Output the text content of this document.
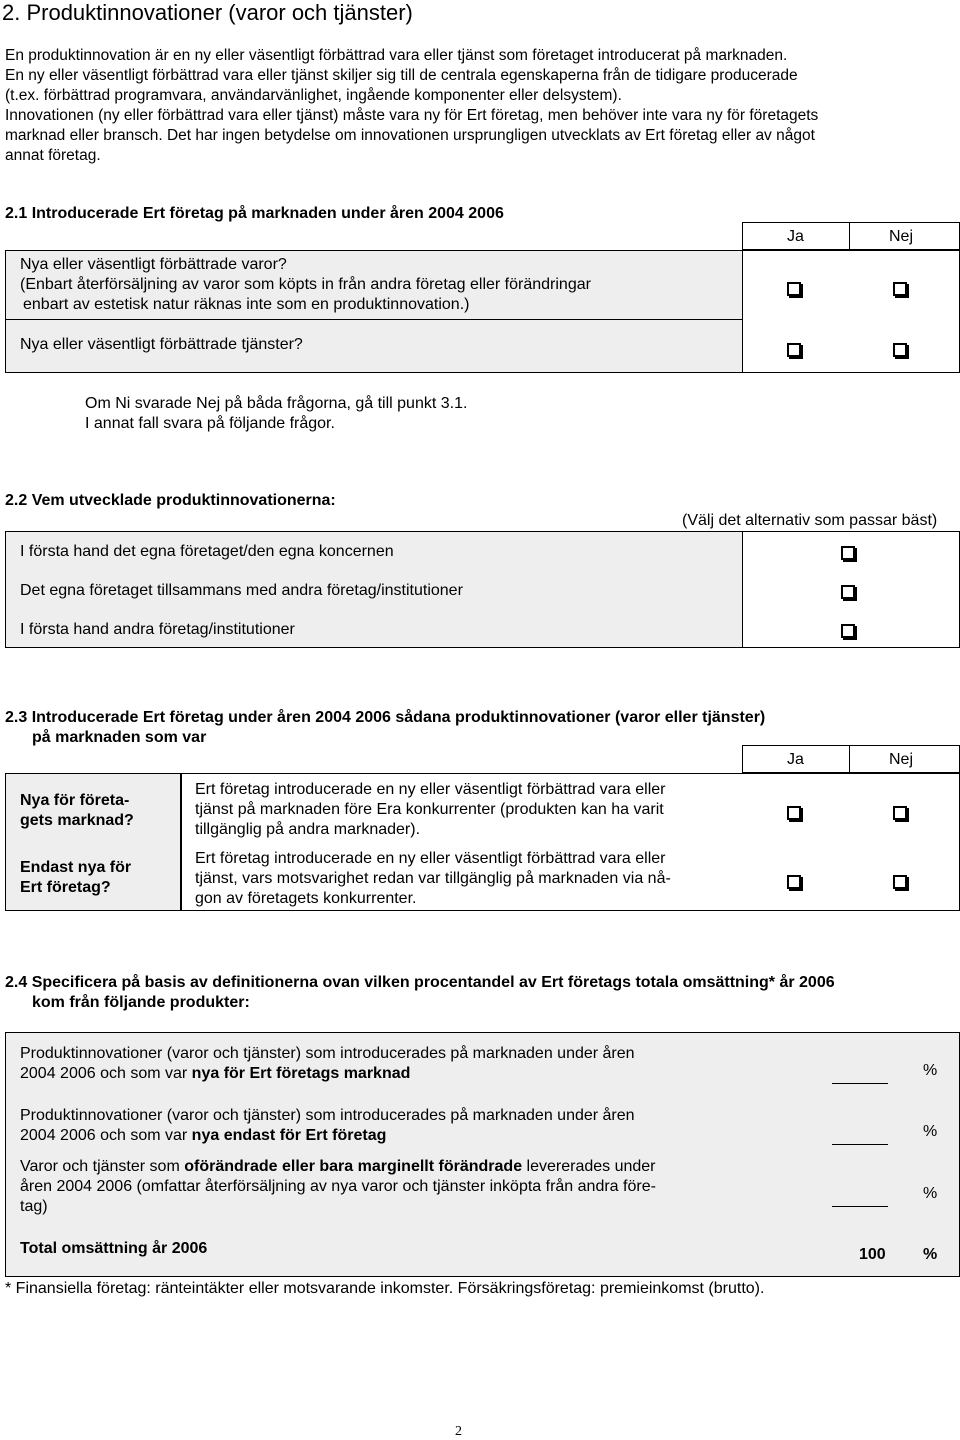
2. Produktinnovationer (varor och tjänster)
En produktinnovation är en ny eller väsentligt förbättrad vara eller tjänst som företaget introducerat på marknaden.
En ny eller väsentligt förbättrad vara eller tjänst skiljer sig till de centrala egenskaperna från de tidigare producerade
(t.ex. förbättrad programvara, användarvänlighet, ingående komponenter eller delsystem).
Innovationen (ny eller förbättrad vara eller tjänst) måste vara ny för Ert företag, men behöver inte vara ny för företagets
marknad eller bransch. Det har ingen betydelse om innovationen ursprungligen utvecklats av Ert företag eller av något
annat företag.
2.1 Introducerade Ert företag på marknaden under åren 2004 2006
Ja	Nej
Nya eller väsentligt förbättrade varor?
(Enbart återförsäljning av varor som köpts in från andra företag eller förändringar
enbart av estetisk natur räknas inte som en produktinnovation.)
Nya eller väsentligt förbättrade tjänster?
Om Ni svarade Nej på båda frågorna, gå till punkt 3.1.
I annat fall svara på följande frågor.
2.2 Vem utvecklade produktinnovationerna:
(Välj det alternativ som passar bäst)
I första hand det egna företaget/den egna koncernen
Det egna företaget tillsammans med andra företag/institutioner
I första hand andra företag/institutioner
2.3 Introducerade Ert företag under åren 2004 2006 sådana produktinnovationer (varor eller tjänster)
på marknaden som var
Ja	Nej
Nya för företa-
gets marknad?
Endast nya för
Ert företag?
Ert företag introducerade en ny eller väsentligt förbättrad vara eller
tjänst på marknaden före Era konkurrenter (produkten kan ha varit
tillgänglig på andra marknader).
Ert företag introducerade en ny eller väsentligt förbättrad vara eller
tjänst, vars motsvarighet redan var tillgänglig på marknaden via nå-
gon av företagets konkurrenter.
2.4 Specificera på basis av definitionerna ovan vilken procentandel av Ert företags totala omsättning* år 2006
kom från följande produkter:
Produktinnovationer (varor och tjänster) som introducerades på marknaden under åren
2004 2006 och som var nya för Ert företags marknad
Produktinnovationer (varor och tjänster) som introducerades på marknaden under åren
2004 2006 och som var nya endast för Ert företag
Varor och tjänster som oförändrade eller bara marginellt förändrade levererades under
åren 2004 2006 (omfattar återförsäljning av nya varor och tjänster inköpta från andra före-
tag)
Total omsättning år 2006
%
%
%
100 %
* Finansiella företag: ränteintäkter eller motsvarande inkomster. Försäkringsföretag: premieinkomst (brutto).
2
